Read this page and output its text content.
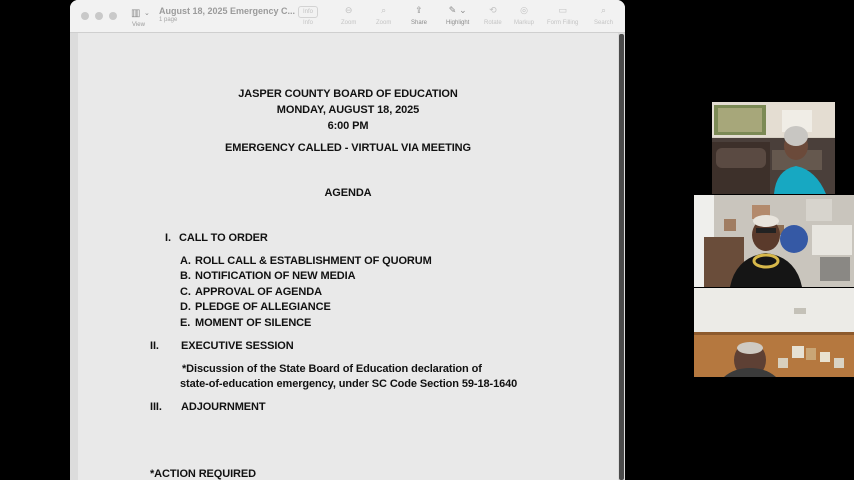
▥ ⌄
View
August 18, 2025 Emergency C...
1 page
Info
Info
⊖
Zoom
⌕
Zoom
⇪
Share
✎ ⌄
Highlight
⟲
Rotate
◎
Markup
▭
Form Filling
⌕
Search
JASPER COUNTY BOARD OF EDUCATION
MONDAY, AUGUST 18, 2025
6:00 PM
EMERGENCY CALLED - VIRTUAL VIA MEETING
AGENDA
I. CALL TO ORDER
A. ROLL CALL & ESTABLISHMENT OF QUORUM
B. NOTIFICATION OF NEW MEDIA
C. APPROVAL OF AGENDA
D. PLEDGE OF ALLEGIANCE
E. MOMENT OF SILENCE
II. EXECUTIVE SESSION
*Discussion of the State Board of Education declaration of
state-of-education emergency, under SC Code Section 59-18-1640
III. ADJOURNMENT
*ACTION REQUIRED
